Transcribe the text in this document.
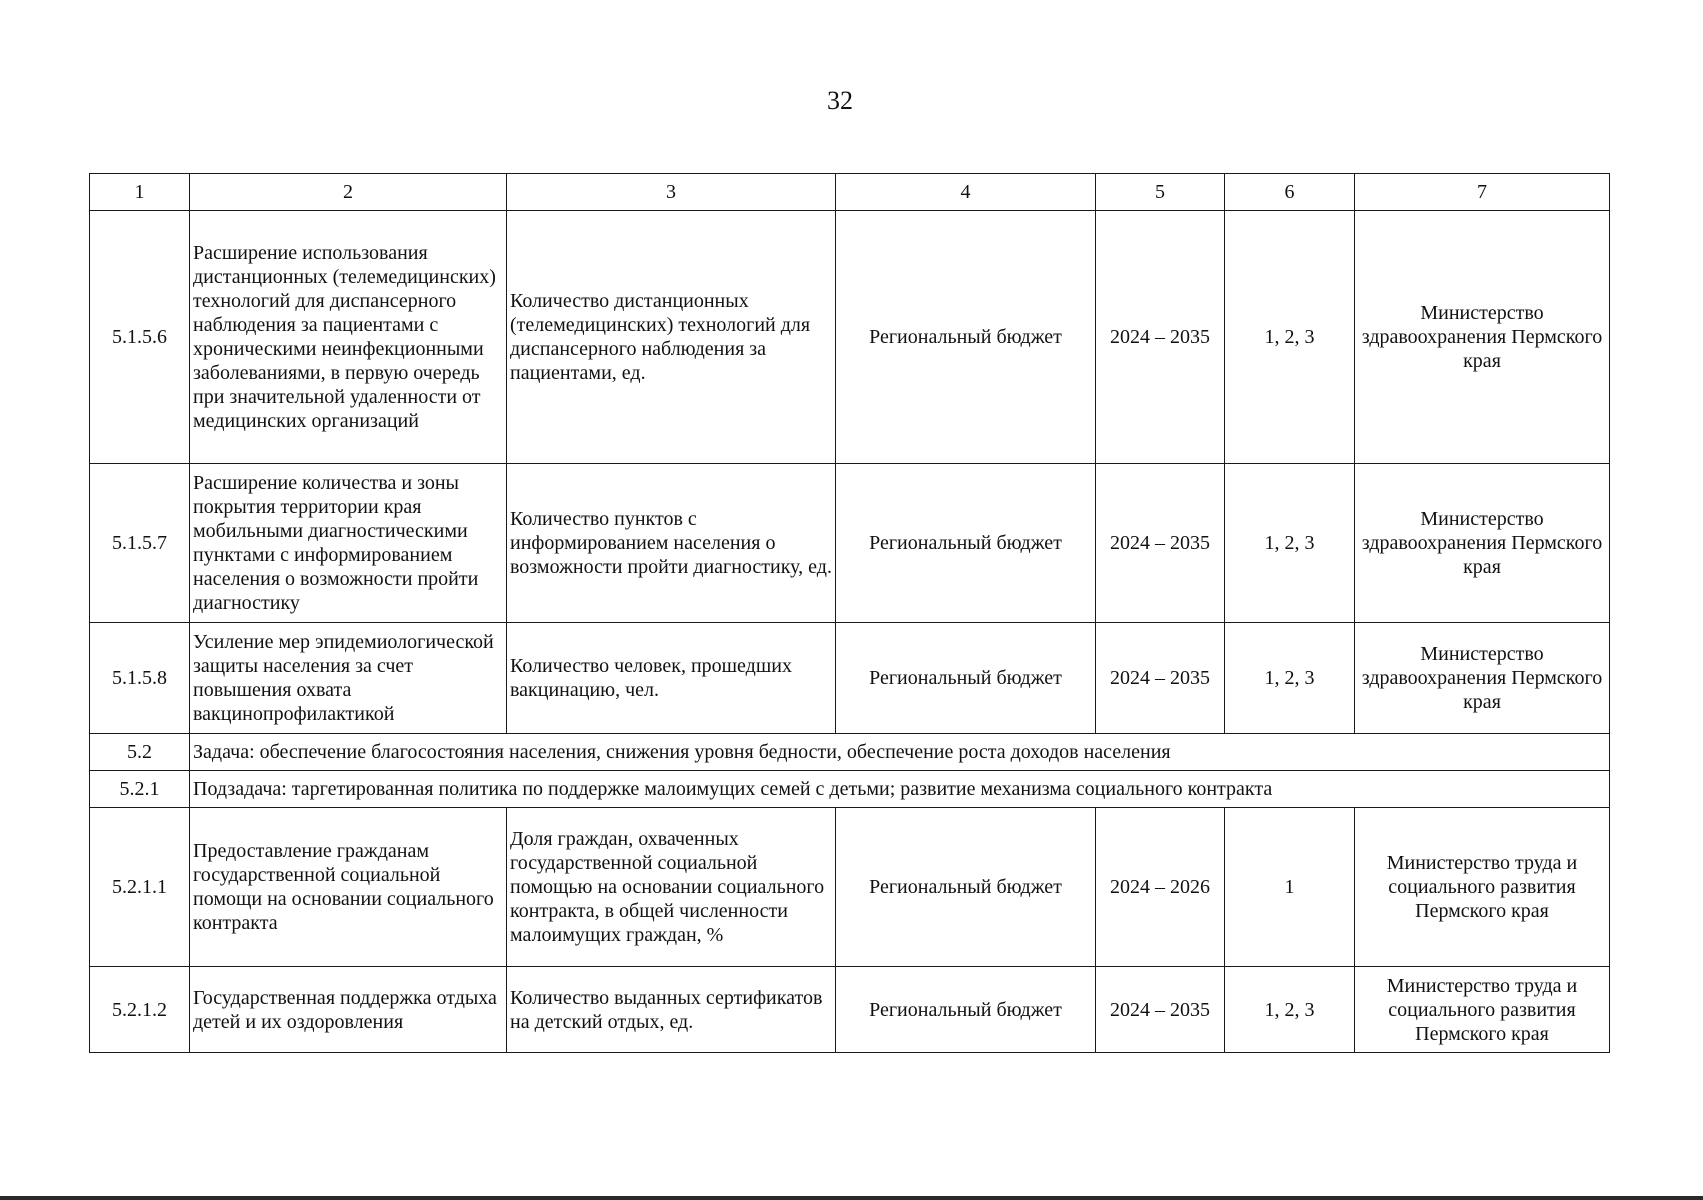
32
1	2	3	4	5	6	7
5.1.5.6	Расширение использования дистанционных (телемедицинских) технологий для диспансерного наблюдения за пациентами с хроническими неинфекционными заболеваниями, в первую очередь при значительной удаленности от медицинских организаций	Количество дистанционных (телемедицинских) технологий для диспансерного наблюдения за пациентами, ед.	Региональный бюджет	2024 – 2035	1, 2, 3	Министерство здравоохранения Пермского края
5.1.5.7	Расширение количества и зоны покрытия территории края мобильными диагностическими пунктами с информированием населения о возможности пройти диагностику	Количество пунктов с информированием населения о возможности пройти диагностику, ед.	Региональный бюджет	2024 – 2035	1, 2, 3	Министерство здравоохранения Пермского края
5.1.5.8	Усиление мер эпидемиологической защиты населения за счет повышения охвата вакцинопрофилактикой	Количество человек, прошедших вакцинацию, чел.	Региональный бюджет	2024 – 2035	1, 2, 3	Министерство здравоохранения Пермского края
5.2	Задача: обеспечение благосостояния населения, снижения уровня бедности, обеспечение роста доходов населения					
5.2.1	Подзадача: таргетированная политика по поддержке малоимущих семей с детьми; развитие механизма социального контракта					
5.2.1.1	Предоставление гражданам государственной социальной помощи на основании социального контракта	Доля граждан, охваченных государственной социальной помощью на основании социального контракта, в общей численности малоимущих граждан, %	Региональный бюджет	2024 – 2026	1	Министерство труда и социального развития Пермского края
5.2.1.2	Государственная поддержка отдыха детей и их оздоровления	Количество выданных сертификатов на детский отдых, ед.	Региональный бюджет	2024 – 2035	1, 2, 3	Министерство труда и социального развития Пермского края
